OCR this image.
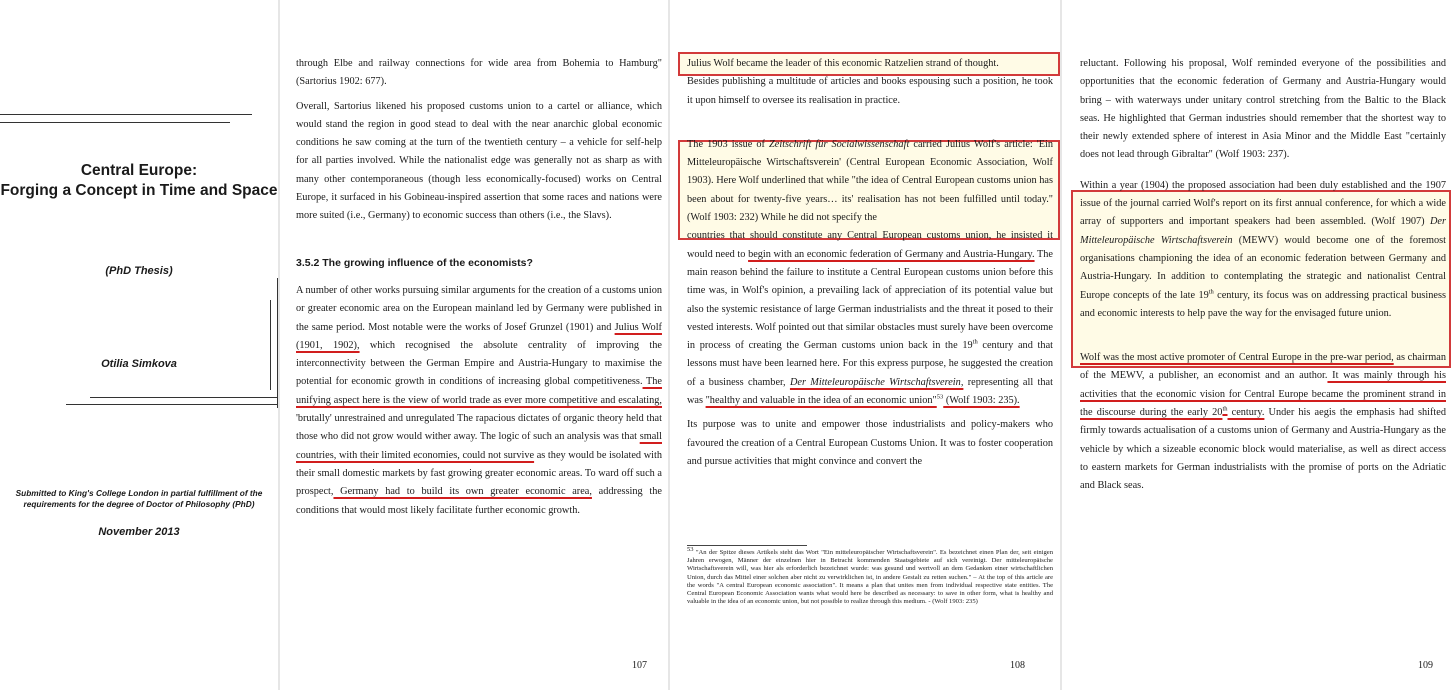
Central Europe:
Forging a Concept in Time and Space
(PhD Thesis)
Otilia Simkova
Submitted to King's College London in partial fulfillment of the requirements for the degree of Doctor of Philosophy (PhD)
November 2013

through Elbe and railway connections for wide area from Bohemia to Hamburg" (Sartorius 1902: 677).

Overall, Sartorius likened his proposed customs union to a cartel or alliance, which would stand the region in good stead to deal with the near anarchic global economic conditions he saw coming at the turn of the twentieth century – a vehicle for self-help for all parties involved. While the nationalist edge was generally not as sharp as with many other contemporaneous (though less economically-focused) works on Central Europe, it surfaced in his Gobineau-inspired assertion that some races and nations were more suited (i.e., Germany) to economic success than others (i.e., the Slavs).

3.5.2 The growing influence of the economists?

A number of other works pursuing similar arguments for the creation of a customs union or greater economic area on the European mainland led by Germany were published in the same period. Most notable were the works of Josef Grunzel (1901) and Julius Wolf (1901, 1902), which recognised the absolute centrality of improving the interconnectivity between the German Empire and Austria-Hungary to maximise the potential for economic growth in conditions of increasing global competitiveness. The unifying aspect here is the view of world trade as ever more competitive and escalating, 'brutally' unrestrained and unregulated The rapacious dictates of organic theory held that those who did not grow would wither away. The logic of such an analysis was that small countries, with their limited economies, could not survive as they would be isolated with their small domestic markets by fast growing greater economic areas. To ward off such a prospect, Germany had to build its own greater economic area, addressing the conditions that would most likely facilitate further economic growth.

107

Julius Wolf became the leader of this economic Ratzelien strand of thought.

Besides publishing a multitude of articles and books espousing such a position, he took it upon himself to oversee its realisation in practice.

The 1903 issue of Zeitschrift für Socialwissenschaft carried Julius Wolf's article: 'Ein Mitteleuropäische Wirtschaftsverein' (Central European Economic Association, Wolf 1903). Here Wolf underlined that while "the idea of Central European customs union has been about for twenty-five years… its' realisation has not been fulfilled until today." (Wolf 1903: 232) While he did not specify the

countries that should constitute any Central European customs union, he insisted it would need to begin with an economic federation of Germany and Austria-Hungary. The main reason behind the failure to institute a Central European customs union before this time was, in Wolf's opinion, a prevailing lack of appreciation of its potential value but also the systemic resistance of large German industrialists and the threat it posed to their vested interests. Wolf pointed out that similar obstacles must surely have been overcome in process of creating the German customs union back in the 19th century and that lessons must have been learned here. For this express purpose, he suggested the creation of a business chamber, Der Mitteleuropäische Wirtschaftsverein, representing all that was "healthy and valuable in the idea of an economic union"$^{53}$ (Wolf 1903: 235).

Its purpose was to unite and empower those industrialists and policy-makers who favoured the creation of a Central European Customs Union. It was to foster cooperation and pursue activities that might convince and convert the

$^{53}$ "An der Spitze dieses Artikels steht das Wort "Ein mitteleuropäischer Wirtschaftsverein". Es bezeichnet einen Plan der, seit einigen Jahren erwogen, Männer der einzelnen hier in Betracht kommenden Staatsgebiete auf sich vereinigt. Der mitteleuropäische Wirtschaftsverein will, was hier als erforderlich bezeichnet wurde: was gesund und wertvoll an dem Gedanken einer wirtschaftlichen Union, durch das Mittel einer solchen aber nicht zu verwirklichen ist, in andere Gestalt zu retten suchen." – At the top of this article are the words "A central European economic association". It means a plan that unites men from individual respective state entities. The Central European Economic Association wants what would here be described as necessary: to save in other form, what is healthy and valuable in the idea of an economic union, but not possible to realize through this medium. - (Wolf 1903: 235)
108

reluctant. Following his proposal, Wolf reminded everyone of the possibilities and opportunities that the economic federation of Germany and Austria-Hungary would bring – with waterways under unitary control stretching from the Baltic to the Black seas. He highlighted that German industries should remember that the shortest way to their newly extended sphere of interest in Asia Minor and the Middle East "certainly does not lead through Gibraltar" (Wolf 1903: 237).

Within a year (1904) the proposed association had been duly established and the 1907 issue of the journal carried Wolf's report on its first annual conference, for which a wide array of supporters and important speakers had been assembled. (Wolf 1907) Der Mitteleuropäische Wirtschaftsverein (MEWV) would become one of the foremost organisations championing the idea of an economic federation between Germany and Austria-Hungary. In addition to contemplating the strategic and nationalist Central Europe concepts of the late 19th century, its focus was on addressing practical business and economic interests to help pave the way for the envisaged future union.

Wolf was the most active promoter of Central Europe in the pre-war period, as chairman of the MEWV, a publisher, an economist and an author. It was mainly through his activities that the economic vision for Central Europe became the prominent strand in the discourse during the early 20th century. Under his aegis the emphasis had shifted firmly towards actualisation of a customs union of Germany and Austria-Hungary as the vehicle by which a sizeable economic block would materialise, as well as direct access to eastern markets for German industrialists with the promise of ports on the Adriatic and Black seas.

109
